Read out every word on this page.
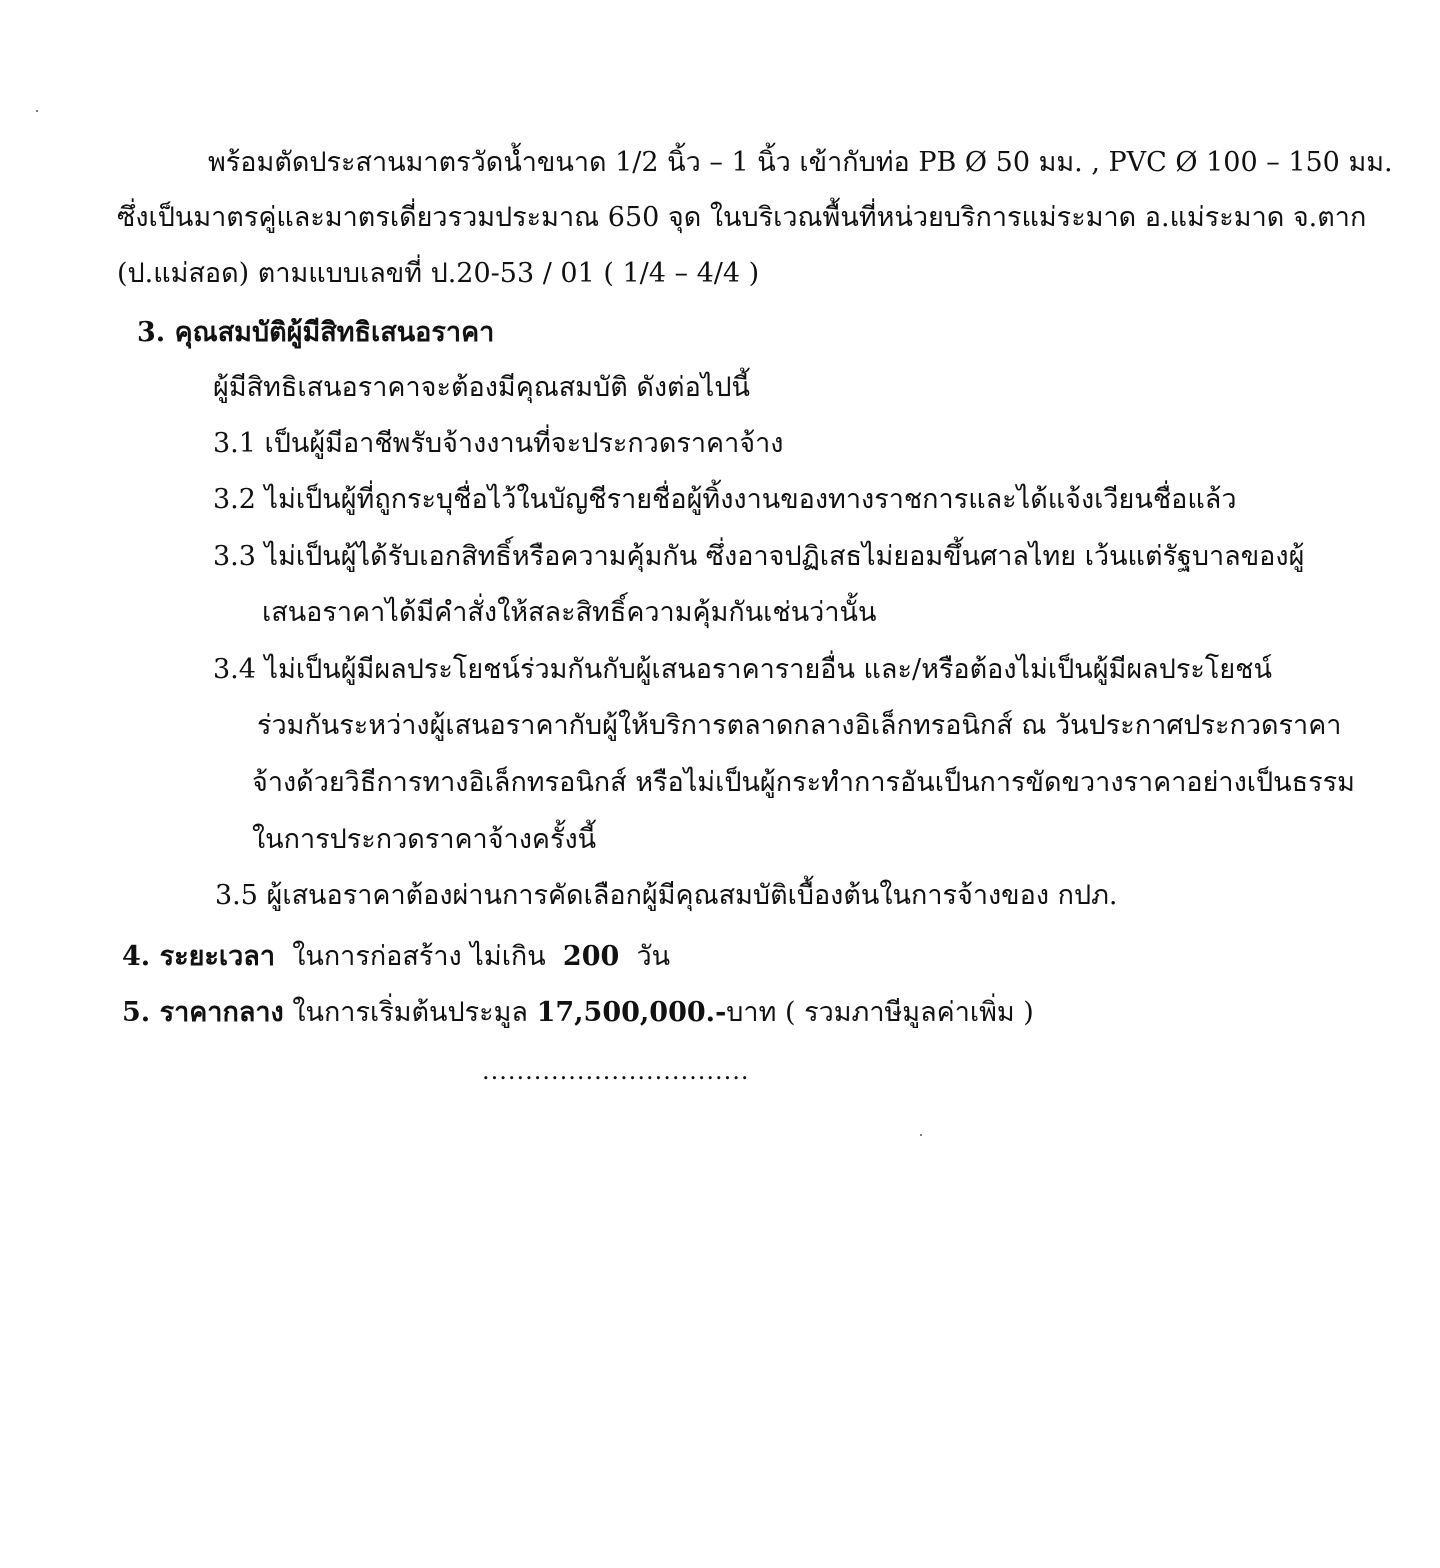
พร้อมตัดประสานมาตรวัดน้ำขนาด 1/2 นิ้ว – 1 นิ้ว เข้ากับท่อ PB Ø 50 มม. , PVC Ø 100 – 150 มม.
ซึ่งเป็นมาตรคู่และมาตรเดี่ยวรวมประมาณ 650 จุด ในบริเวณพื้นที่หน่วยบริการแม่ระมาด อ.แม่ระมาด จ.ตาก
(ป.แม่สอด) ตามแบบเลขที่ ป.20-53 / 01 ( 1/4 – 4/4 )
3. คุณสมบัติผู้มีสิทธิเสนอราคา
ผู้มีสิทธิเสนอราคาจะต้องมีคุณสมบัติ ดังต่อไปนี้
3.1 เป็นผู้มีอาชีพรับจ้างงานที่จะประกวดราคาจ้าง
3.2 ไม่เป็นผู้ที่ถูกระบุชื่อไว้ในบัญชีรายชื่อผู้ทิ้งงานของทางราชการและได้แจ้งเวียนชื่อแล้ว
3.3 ไม่เป็นผู้ได้รับเอกสิทธิ์หรือความคุ้มกัน ซึ่งอาจปฏิเสธไม่ยอมขึ้นศาลไทย เว้นแต่รัฐบาลของผู้
เสนอราคาได้มีคำสั่งให้สละสิทธิ์ความคุ้มกันเช่นว่านั้น
3.4 ไม่เป็นผู้มีผลประโยชน์ร่วมกันกับผู้เสนอราคารายอื่น และ/หรือต้องไม่เป็นผู้มีผลประโยชน์
ร่วมกันระหว่างผู้เสนอราคากับผู้ให้บริการตลาดกลางอิเล็กทรอนิกส์ ณ วันประกาศประกวดราคา
จ้างด้วยวิธีการทางอิเล็กทรอนิกส์ หรือไม่เป็นผู้กระทำการอันเป็นการขัดขวางราคาอย่างเป็นธรรม
ในการประกวดราคาจ้างครั้งนี้
3.5 ผู้เสนอราคาต้องผ่านการคัดเลือกผู้มีคุณสมบัติเบื้องต้นในการจ้างของ กปภ.
4. ระยะเวลา ในการก่อสร้าง ไม่เกิน 200 วัน
5. ราคากลาง ในการเริ่มต้นประมูล 17,500,000.-บาท ( รวมภาษีมูลค่าเพิ่ม )
...............................
